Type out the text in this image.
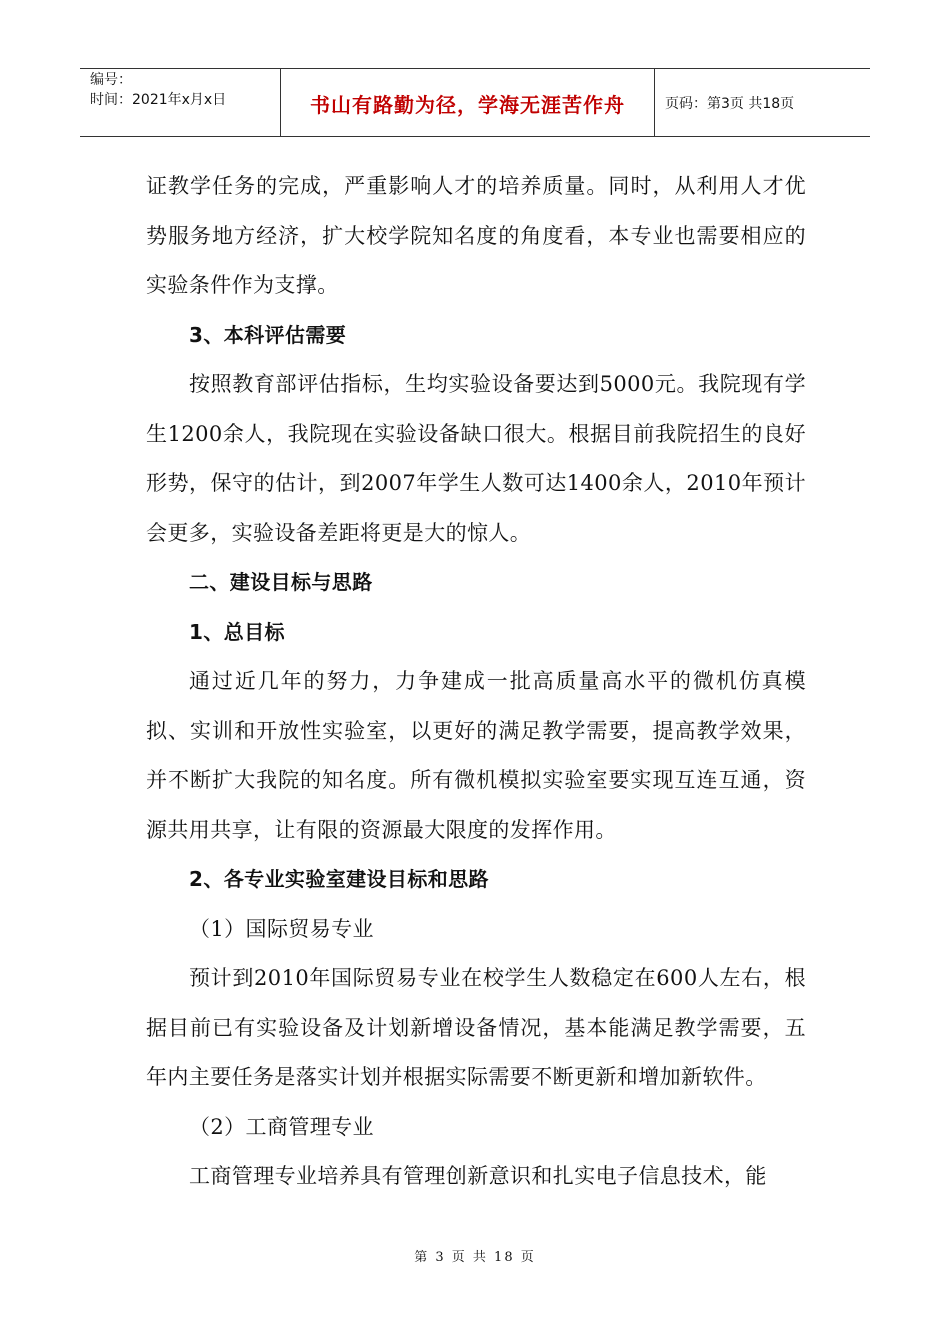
编号：
时间：2021年x月x日	书山有路勤为径，学海无涯苦作舟	页码：第3页 共18页

证教学任务的完成，严重影响人才的培养质量。同时，从利用人才优势服务地方经济，扩大校学院知名度的角度看，本专业也需要相应的实验条件作为支撑。

3、本科评估需要

按照教育部评估指标，生均实验设备要达到5000元。我院现有学生1200余人，我院现在实验设备缺口很大。根据目前我院招生的良好形势，保守的估计，到2007年学生人数可达1400余人，2010年预计会更多，实验设备差距将更是大的惊人。

二、建设目标与思路

1、总目标

通过近几年的努力，力争建成一批高质量高水平的微机仿真模拟、实训和开放性实验室，以更好的满足教学需要，提高教学效果，并不断扩大我院的知名度。所有微机模拟实验室要实现互连互通，资源共用共享，让有限的资源最大限度的发挥作用。

2、各专业实验室建设目标和思路

（1）国际贸易专业

预计到2010年国际贸易专业在校学生人数稳定在600人左右，根据目前已有实验设备及计划新增设备情况，基本能满足教学需要，五年内主要任务是落实计划并根据实际需要不断更新和增加新软件。

（2）工商管理专业

工商管理专业培养具有管理创新意识和扎实电子信息技术，能

第 3 页 共 18 页
